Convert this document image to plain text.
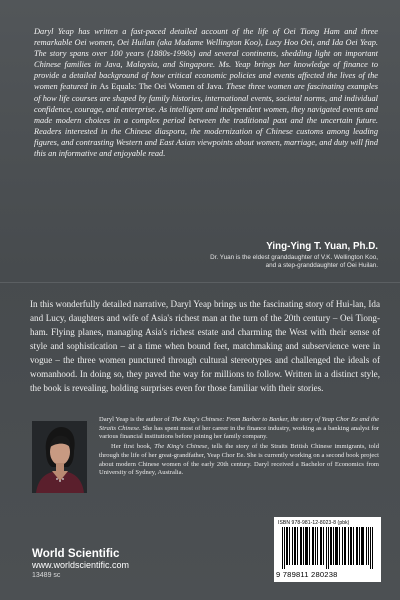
Daryl Yeap has written a fast-paced detailed account of the life of Oei Tiong Ham and three remarkable Oei women, Oei Huilan (aka Madame Wellington Koo), Lucy Hoo Oei, and Ida Oei Yeap. The story spans over 100 years (1880s-1990s) and several continents, shedding light on important Chinese families in Java, Malaysia, and Singapore. Ms. Yeap brings her knowledge of finance to provide a detailed background of how critical economic policies and events affected the lives of the women featured in As Equals: The Oei Women of Java. These three women are fascinating examples of how life courses are shaped by family histories, international events, societal norms, and individual confidence, courage, and enterprise. As intelligent and independent women, they navigated events and made modern choices in a complex period between the traditional past and the uncertain future. Readers interested in the Chinese diaspora, the modernization of Chinese customs among leading figures, and contrasting Western and East Asian viewpoints about women, marriage, and duty will find this an informative and enjoyable read.

Ying-Ying T. Yuan, Ph.D.
Dr. Yuan is the eldest granddaughter of V.K. Wellington Koo,
and a step-granddaughter of Oei Huilan.

In this wonderfully detailed narrative, Daryl Yeap brings us the fascinating story of Hui-lan, Ida and Lucy, daughters and wife of Asia's richest man at the turn of the 20th century – Oei Tiong-ham. Flying planes, managing Asia's richest estate and charming the West with their sense of style and sophistication – at a time when bound feet, matchmaking and subservience were in vogue – the three women punctured through cultural stereotypes and challenged the ideals of womanhood. In doing so, they paved the way for millions to follow. Written in a distinct style, the book is revealing, holding surprises even for those familiar with their stories.

Daryl Yeap is the author of The King's Chinese: From Barber to Banker, the story of Yeap Chor Ee and the Straits Chinese. She has spent most of her career in the finance industry, working as a banking analyst for various financial institutions before joining her family company.

Her first book, The King's Chinese, tells the story of the Straits British Chinese immigrants, told through the life of her great-grandfather, Yeap Chor Ee. She is currently working on a second book project about modern Chinese women of the early 20th century. Daryl received a Bachelor of Economics from University of Sydney, Australia.

World Scientific
www.worldscientific.com
13489 sc
ISBN 978-981-12-8023-8 (pbk)
9 789811 280238
